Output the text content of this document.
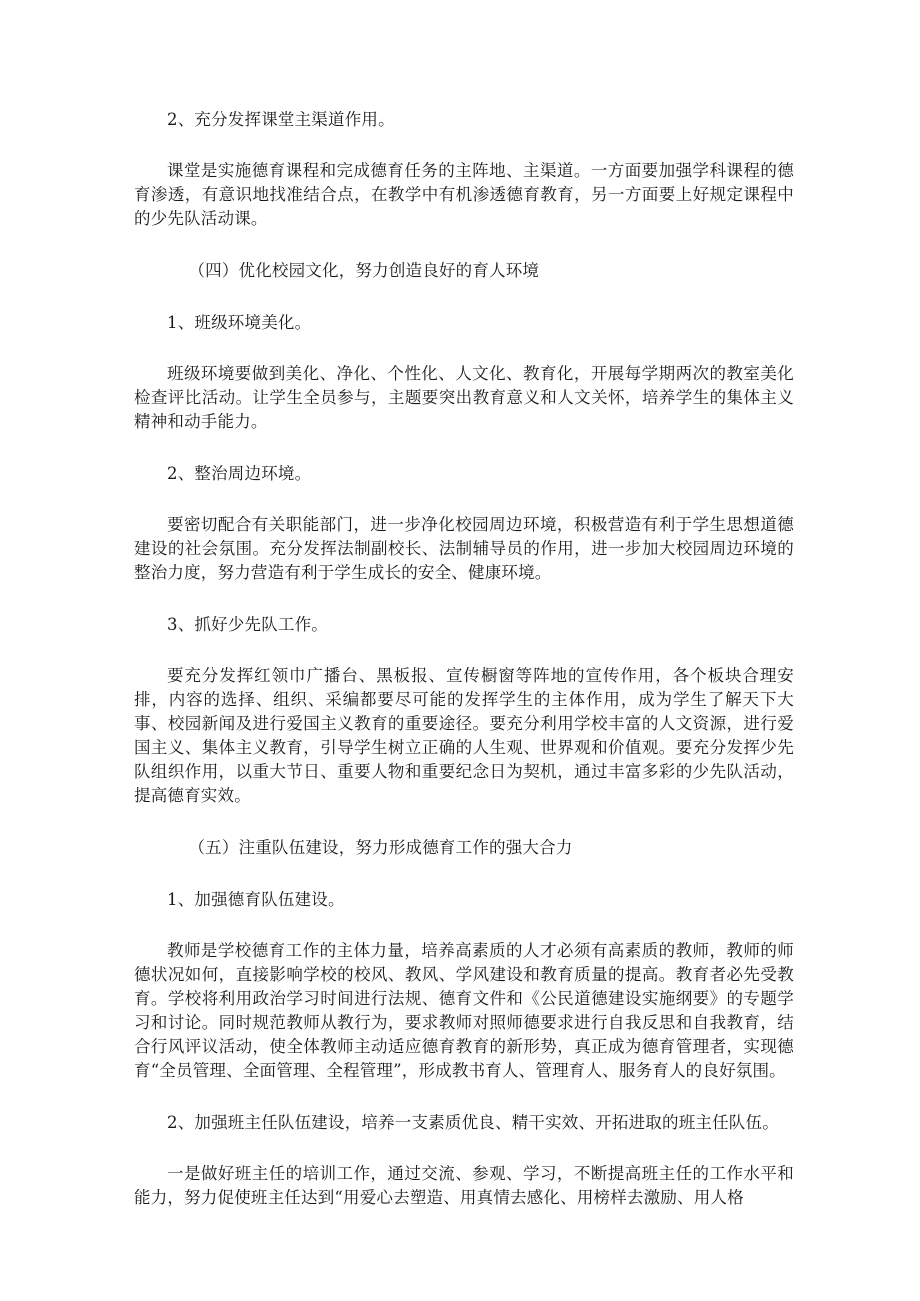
2、充分发挥课堂主渠道作用。

课堂是实施德育课程和完成德育任务的主阵地、主渠道。一方面要加强学科课程的德育渗透，有意识地找准结合点，在教学中有机渗透德育教育，另一方面要上好规定课程中的少先队活动课。

（四）优化校园文化，努力创造良好的育人环境

1、班级环境美化。

班级环境要做到美化、净化、个性化、人文化、教育化，开展每学期两次的教室美化检查评比活动。让学生全员参与，主题要突出教育意义和人文关怀，培养学生的集体主义精神和动手能力。

2、整治周边环境。

要密切配合有关职能部门，进一步净化校园周边环境，积极营造有利于学生思想道德建设的社会氛围。充分发挥法制副校长、法制辅导员的作用，进一步加大校园周边环境的整治力度，努力营造有利于学生成长的安全、健康环境。

3、抓好少先队工作。

要充分发挥红领巾广播台、黑板报、宣传橱窗等阵地的宣传作用，各个板块合理安排，内容的选择、组织、采编都要尽可能的发挥学生的主体作用，成为学生了解天下大事、校园新闻及进行爱国主义教育的重要途径。要充分利用学校丰富的人文资源，进行爱国主义、集体主义教育，引导学生树立正确的人生观、世界观和价值观。要充分发挥少先队组织作用，以重大节日、重要人物和重要纪念日为契机，通过丰富多彩的少先队活动，提高德育实效。

（五）注重队伍建设，努力形成德育工作的强大合力

1、加强德育队伍建设。

教师是学校德育工作的主体力量，培养高素质的人才必须有高素质的教师，教师的师德状况如何，直接影响学校的校风、教风、学风建设和教育质量的提高。教育者必先受教育。学校将利用政治学习时间进行法规、德育文件和《公民道德建设实施纲要》的专题学习和讨论。同时规范教师从教行为，要求教师对照师德要求进行自我反思和自我教育，结合行风评议活动，使全体教师主动适应德育教育的新形势，真正成为德育管理者，实现德育“全员管理、全面管理、全程管理”，形成教书育人、管理育人、服务育人的良好氛围。

2、加强班主任队伍建设，培养一支素质优良、精干实效、开拓进取的班主任队伍。

一是做好班主任的培训工作，通过交流、参观、学习，不断提高班主任的工作水平和能力，努力促使班主任达到“用爱心去塑造、用真情去感化、用榜样去激励、用人格
